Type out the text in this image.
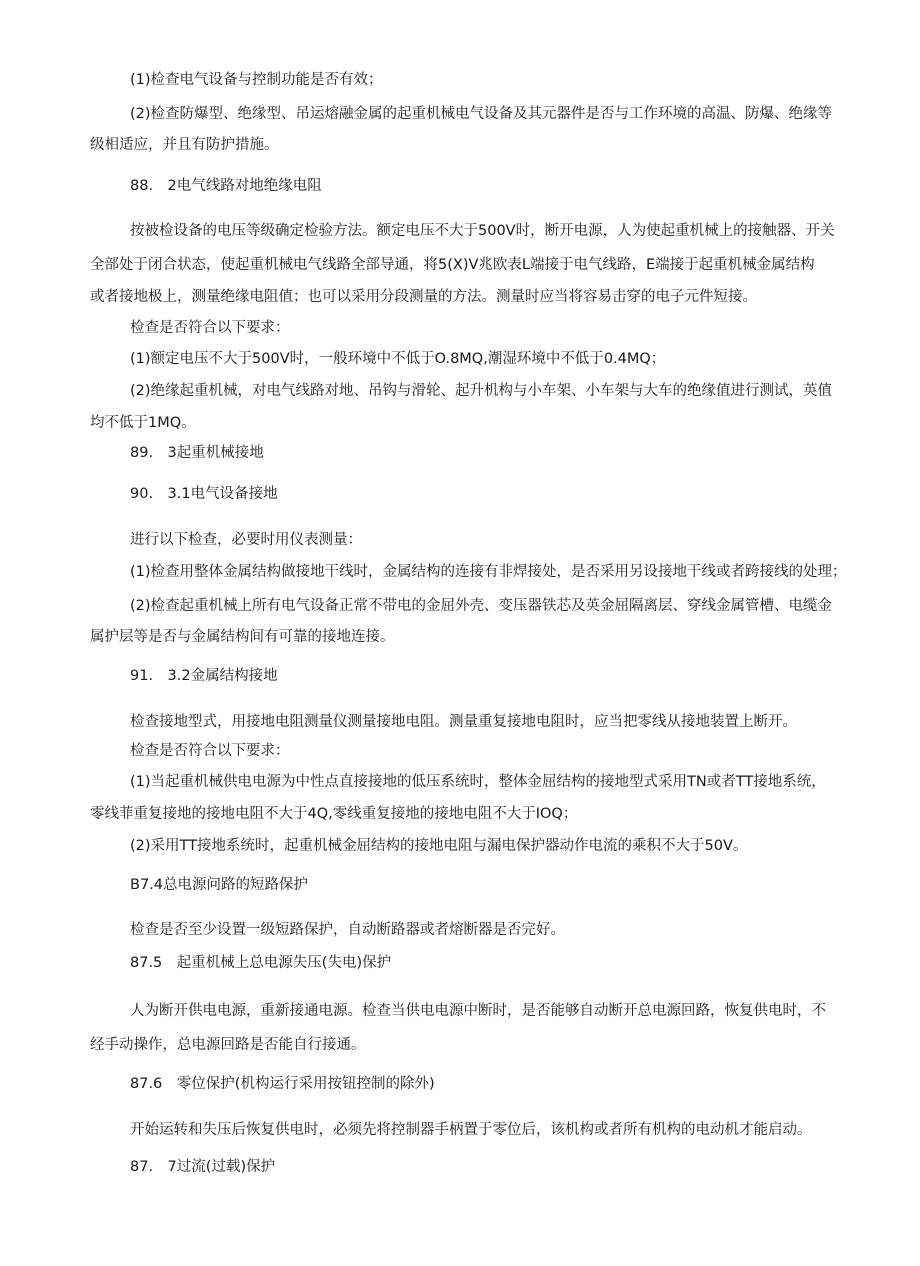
(1)检查电气设备与控制功能是否有效；
(2)检查防爆型、绝缘型、吊运熔融金属的起重机械电气设备及其元器件是否与工作环境的高温、防爆、绝缘等
级相适应，并且有防护措施。
88.　2电气线路对地绝缘电阻
按被检设备的电压等级确定检验方法。额定电压不大于500V时，断开电源，人为使起重机械上的接触器、开关
全部处于闭合状态，使起重机械电气线路全部导通，将5(X)V兆欧表L端接于电气线路，E端接于起重机械金属结构
或者接地极上，测量绝缘电阻值；也可以采用分段测量的方法。测量时应当将容易击穿的电子元件短接。
检查是否符合以下要求：
(1)额定电压不大于500V时，一般环境中不低于O.8MQ,潮湿环境中不低于0.4MQ；
(2)绝缘起重机械，对电气线路对地、吊钩与滑轮、起升机构与小车架、小车架与大车的绝缘值进行测试，英值
均不低于1MQ。
89.　3起重机械接地
90.　3.1电气设备接地
进行以下检查，必要时用仪表测量：
(1)检查用整体金属结构做接地干线时，金属结构的连接有非焊接处，是否采用另设接地干线或者跨接线的处理；
(2)检查起重机械上所有电气设备正常不带电的金屈外壳、变压器铁芯及英金屈隔离层、穿线金属管槽、电缆金
属护层等是否与金属结构间有可靠的接地连接。
91.　3.2金属结构接地
检查接地型式，用接地电阻测量仪测量接地电阻。测量重复接地电阻时，应当把零线从接地装置上断开。
检查是否符合以下要求：
(1)当起重机械供电电源为中性点直接接地的低压系统时，整体金屈结构的接地型式采用TN或者TT接地系统，
零线菲重复接地的接地电阻不大于4Q,零线重复接地的接地电阻不大于IOQ；
(2)采用TT接地系统时，起重机械金屈结构的接地电阻与漏电保护器动作电流的乘积不大于50V。
B7.4总电源问路的短路保护
检查是否至少设置一级短路保护，自动断路器或者熔断器是否完好。
87.5　起重机械上总电源失压(失电)保护
人为断开供电电源，重新接通电源。检查当供电电源中断时，是否能够自动断开总电源回路，恢复供电时，不
经手动操作，总电源回路是否能自行接通。
87.6　零位保护(机构运行采用按钮控制的除外)
开始运转和失压后恢复供电时，必须先将控制器手柄置于零位后，该机构或者所有机构的电动机才能启动。
87.　7过流(过载)保护
